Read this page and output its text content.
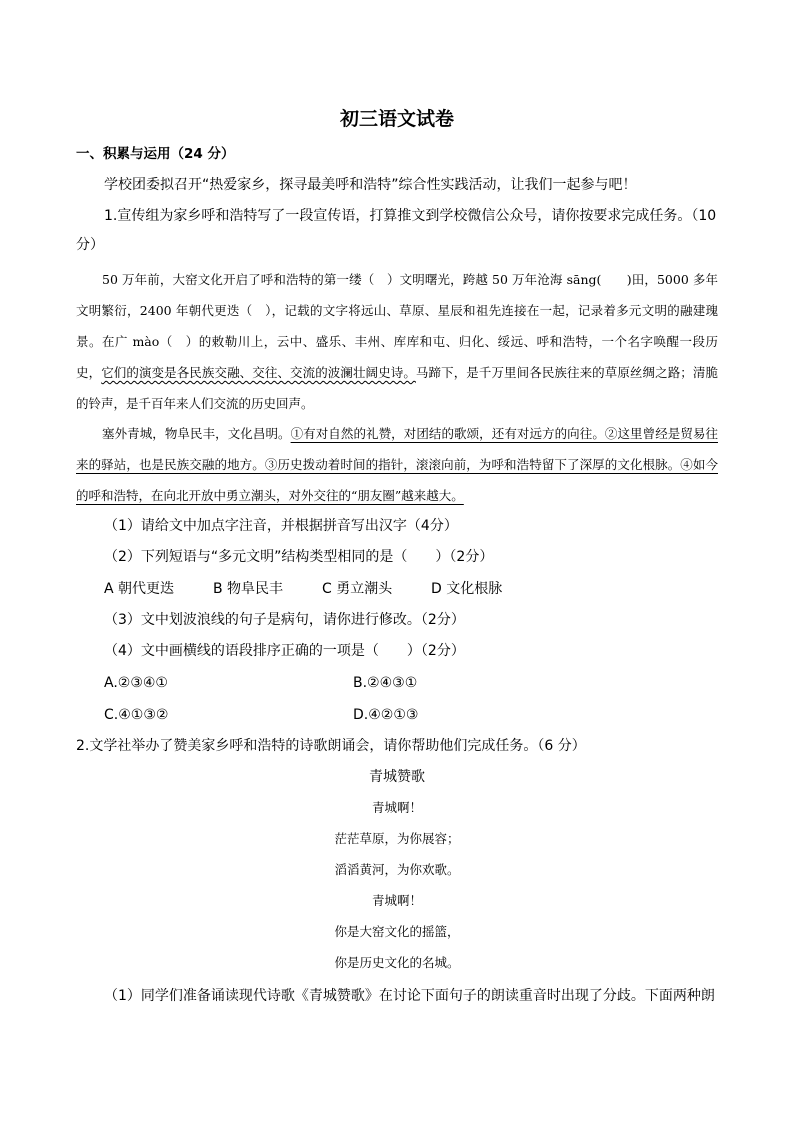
初三语文试卷
一、积累与运用（24 分）
学校团委拟召开“热爱家乡，探寻最美呼和浩特”综合性实践活动，让我们一起参与吧！
1.宣传组为家乡呼和浩特写了一段宣传语，打算推文到学校微信公众号，请你按要求完成任务。（10
分）

50 万年前，大窑文化开启了呼和浩特的第一缕（　）文明曙光，跨越 50 万年沧海 sāng(　　)田，5000 多年文明繁衍，2400 年朝代更迭（　），记载的文字将远山、草原、星辰和祖先连接在一起，记录着多元文明的融建瑰景。在广 mào（　）的敕勒川上，云中、盛乐、丰州、库库和屯、归化、绥远、呼和浩特，一个名字唤醒一段历史，它们的演变是各民族交融、交往、交流的波澜壮阔史诗。马蹄下，是千万里间各民族往来的草原丝绸之路；清脆的铃声，是千百年来人们交流的历史回声。

塞外青城，物阜民丰，文化昌明。①有对自然的礼赞，对团结的歌颂，还有对远方的向往。②这里曾经是贸易往来的驿站，也是民族交融的地方。③历史拨动着时间的指针，滚滚向前，为呼和浩特留下了深厚的文化根脉。④如今的呼和浩特，在向北开放中勇立潮头，对外交往的“朋友圈”越来越大。

（1）请给文中加点字注音，并根据拼音写出汉字（4分）
（2）下列短语与“多元文明”结构类型相同的是（　　）（2分）
A 朝代更迭	B 物阜民丰	C 勇立潮头	D 文化根脉
（3）文中划波浪线的句子是病句，请你进行修改。（2分）
（4）文中画横线的语段排序正确的一项是（　　）（2分）
A.②③④①	B.②④③①
C.④①③②	D.④②①③
2.文学社举办了赞美家乡呼和浩特的诗歌朗诵会，请你帮助他们完成任务。（6 分）
青城赞歌
青城啊！
茫茫草原，为你展容；
滔滔黄河，为你欢歌。
青城啊！
你是大窑文化的摇篮，
你是历史文化的名城。
（1）同学们准备诵读现代诗歌《青城赞歌》在讨论下面句子的朗读重音时出现了分歧。下面两种朗
